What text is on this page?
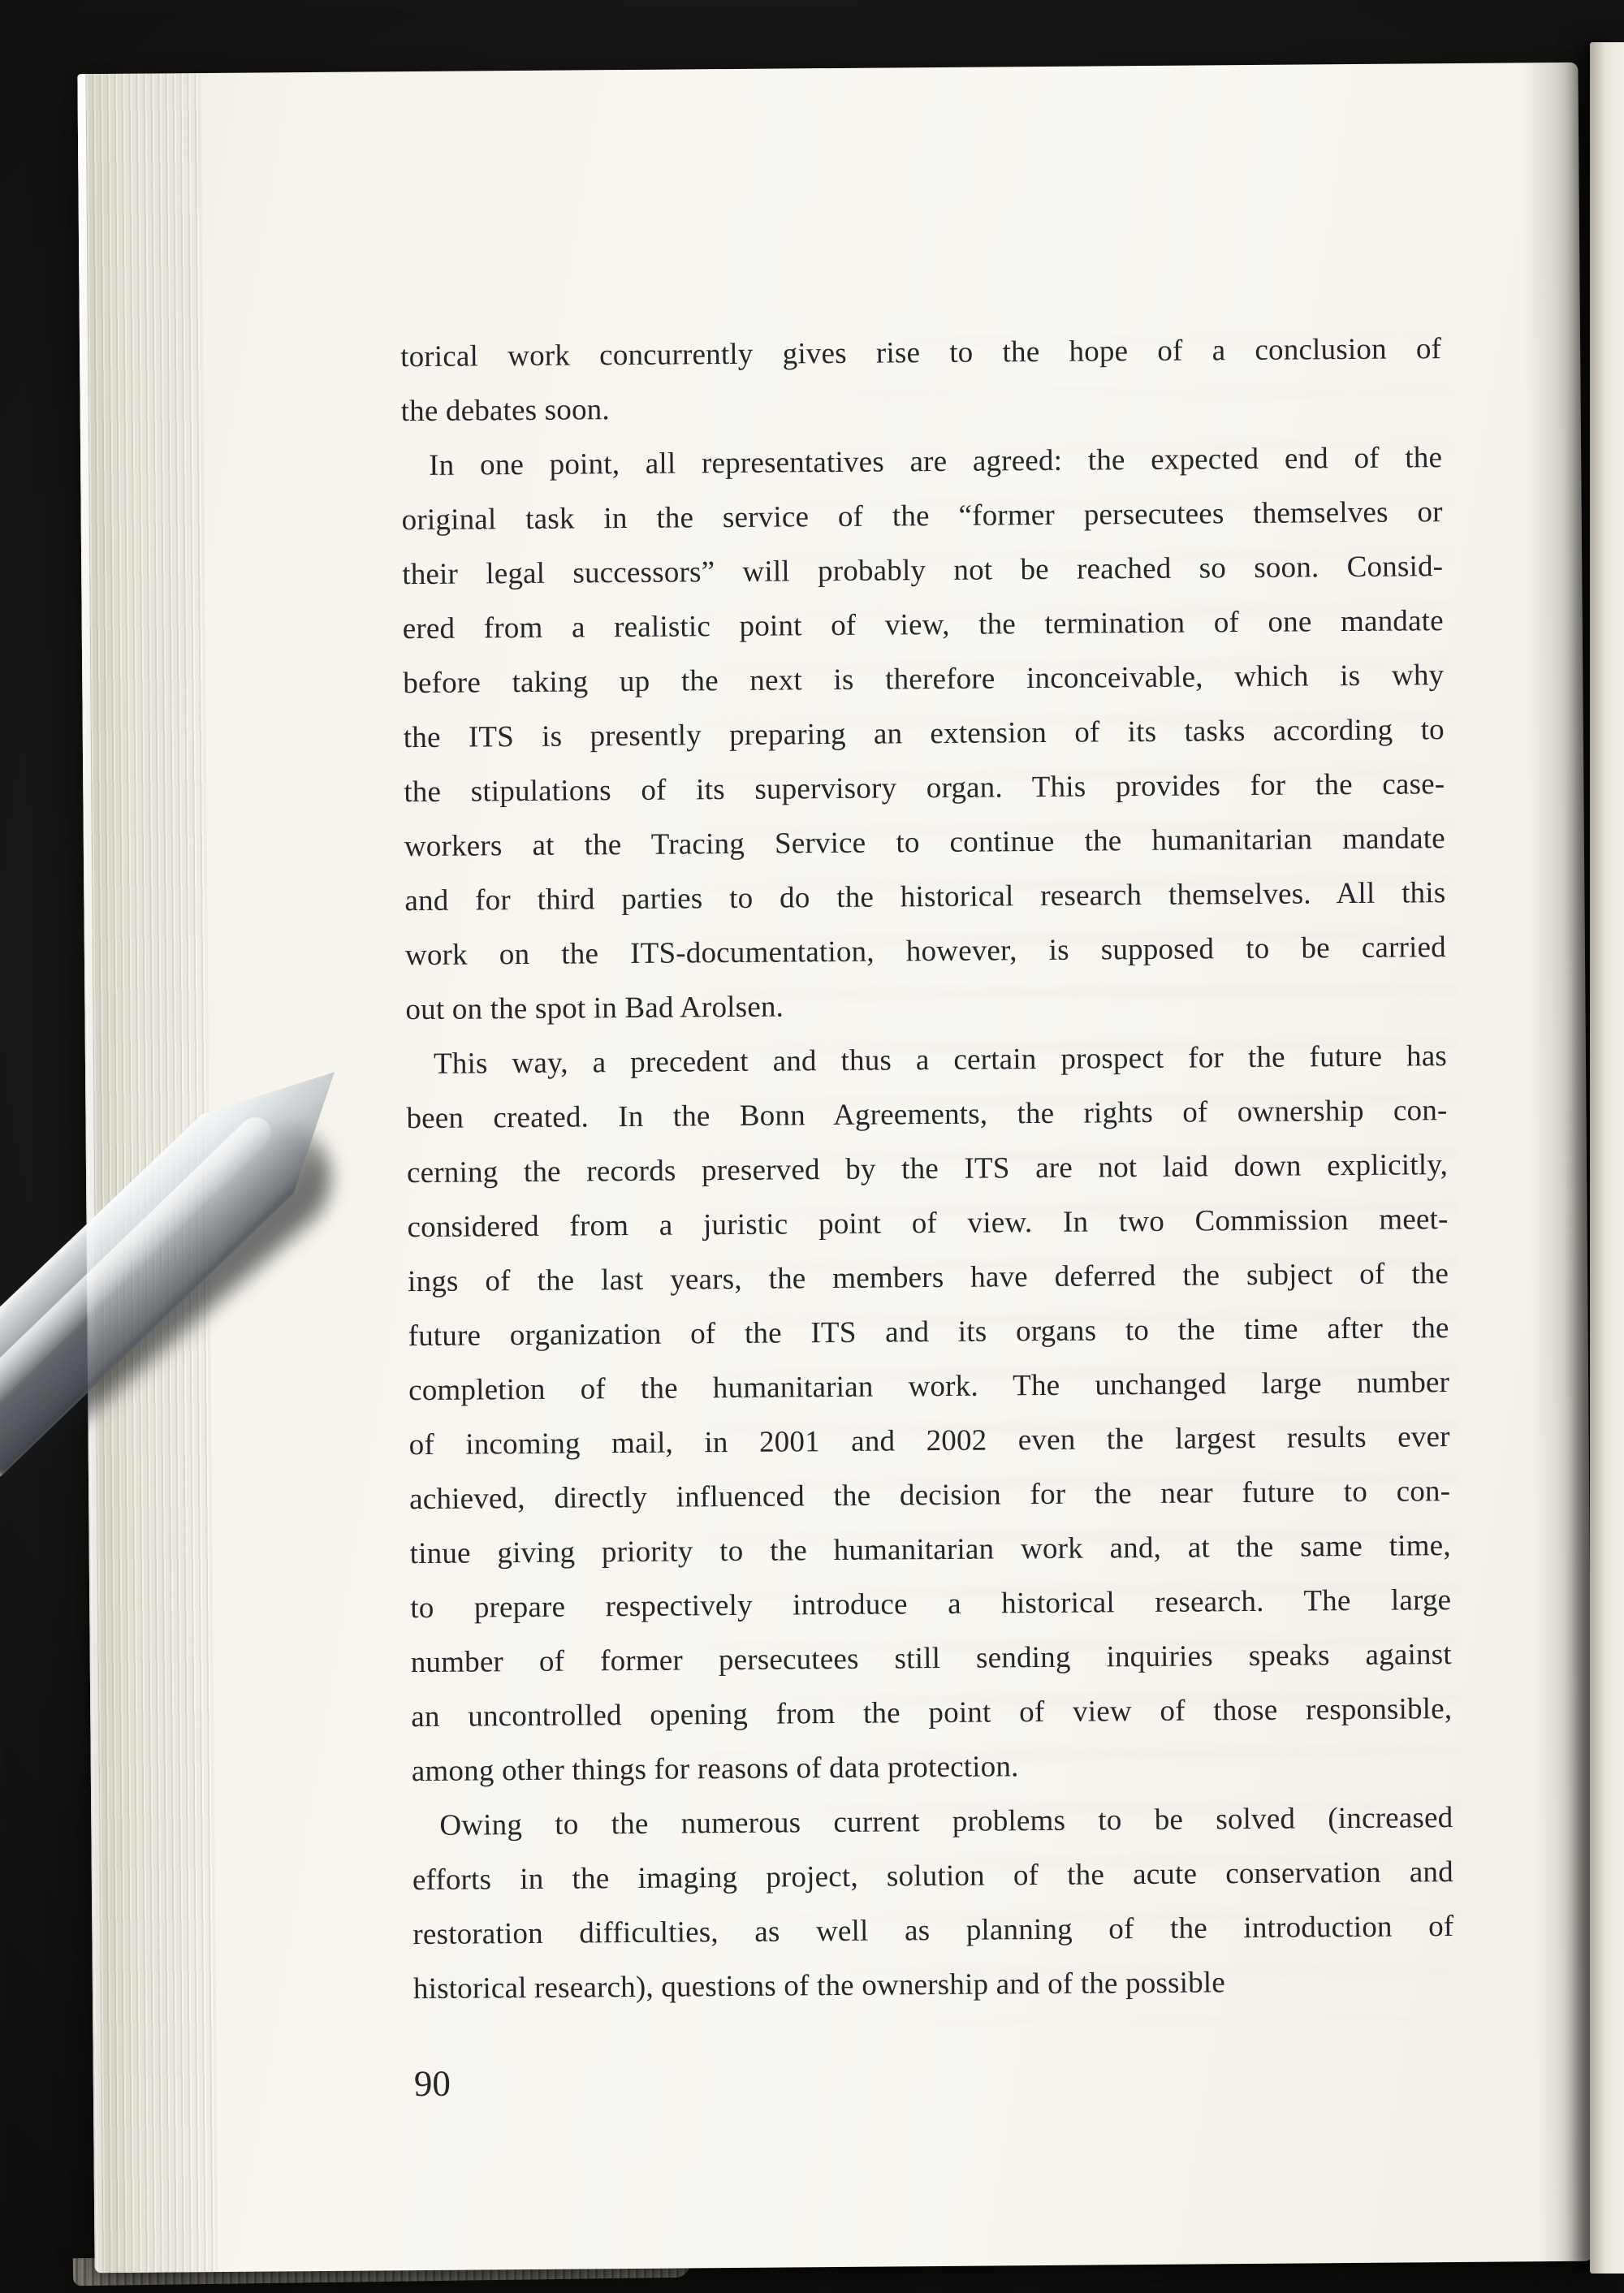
torical work concurrently gives rise to the hope of a conclusion of
the debates soon.
In one point, all representatives are agreed: the expected end of the
original task in the service of the “former persecutees themselves or
their legal successors” will probably not be reached so soon. Consid-
ered from a realistic point of view, the termination of one mandate
before taking up the next is therefore inconceivable, which is why
the ITS is presently preparing an extension of its tasks according to
the stipulations of its supervisory organ. This provides for the case-
workers at the Tracing Service to continue the humanitarian mandate
and for third parties to do the historical research themselves. All this
work on the ITS-documentation, however, is supposed to be carried
out on the spot in Bad Arolsen.
This way, a precedent and thus a certain prospect for the future has
been created. In the Bonn Agreements, the rights of ownership con-
cerning the records preserved by the ITS are not laid down explicitly,
considered from a juristic point of view. In two Commission meet-
ings of the last years, the members have deferred the subject of the
future organization of the ITS and its organs to the time after the
completion of the humanitarian work. The unchanged large number
of incoming mail, in 2001 and 2002 even the largest results ever
achieved, directly influenced the decision for the near future to con-
tinue giving priority to the humanitarian work and, at the same time,
to prepare respectively introduce a historical research. The large
number of former persecutees still sending inquiries speaks against
an uncontrolled opening from the point of view of those responsible,
among other things for reasons of data protection.
Owing to the numerous current problems to be solved (increased
efforts in the imaging project, solution of the acute conservation and
restoration difficulties, as well as planning of the introduction of
historical research), questions of the ownership and of the possible
90
